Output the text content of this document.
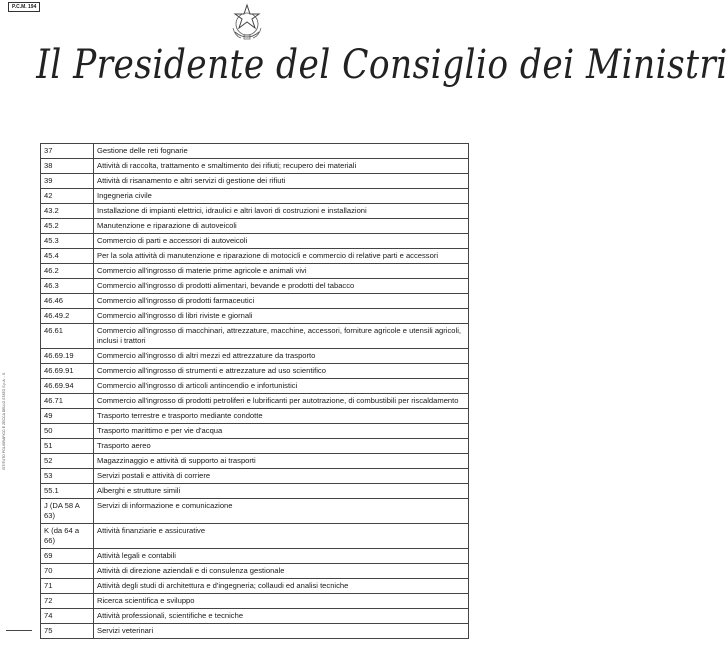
P.C.M. 194
Il Presidente del Consiglio dei Ministri
ISTITUTO POLIGRAFICO E ZECCA DELLO STATO S.p.A. - S.
37	Gestione delle reti fognarie
38	Attività di raccolta, trattamento e smaltimento dei rifiuti; recupero dei materiali
39	Attività di risanamento e altri servizi di gestione dei rifiuti
42	Ingegneria civile
43.2	Installazione di impianti elettrici, idraulici e altri lavori di costruzioni e installazioni
45.2	Manutenzione e riparazione di autoveicoli
45.3	Commercio di parti e accessori di autoveicoli
45.4	Per la sola attività di manutenzione e riparazione di motocicli e commercio di relative parti e accessori
46.2	Commercio all'ingrosso di materie prime agricole e animali vivi
46.3	Commercio all'ingrosso di prodotti alimentari, bevande e prodotti del tabacco
46.46	Commercio all'ingrosso di prodotti farmaceutici
46.49.2	Commercio all'ingrosso di libri riviste e giornali
46.61	Commercio all'ingrosso di macchinari, attrezzature, macchine, accessori, forniture agricole e utensili agricoli, inclusi i trattori
46.69.19	Commercio all'ingrosso di altri mezzi ed attrezzature da trasporto
46.69.91	Commercio all'ingrosso di strumenti e attrezzature ad uso scientifico
46.69.94	Commercio all'ingrosso di articoli antincendio e infortunistici
46.71	Commercio all'ingrosso di prodotti petroliferi e lubrificanti per autotrazione, di combustibili per riscaldamento
49	Trasporto terrestre e trasporto mediante condotte
50	Trasporto marittimo e per vie d'acqua
51	Trasporto aereo
52	Magazzinaggio e attività di supporto ai trasporti
53	Servizi postali e attività di corriere
55.1	Alberghi e strutture simili
J (DA 58 A 63)	Servizi di informazione e comunicazione
K (da 64 a 66)	Attività finanziarie e assicurative
69	Attività legali e contabili
70	Attività di direzione aziendali e di consulenza gestionale
71	Attività degli studi di architettura e d'ingegneria; collaudi ed analisi tecniche
72	Ricerca scientifica e sviluppo
74	Attività professionali, scientifiche e tecniche
75	Servizi veterinari
